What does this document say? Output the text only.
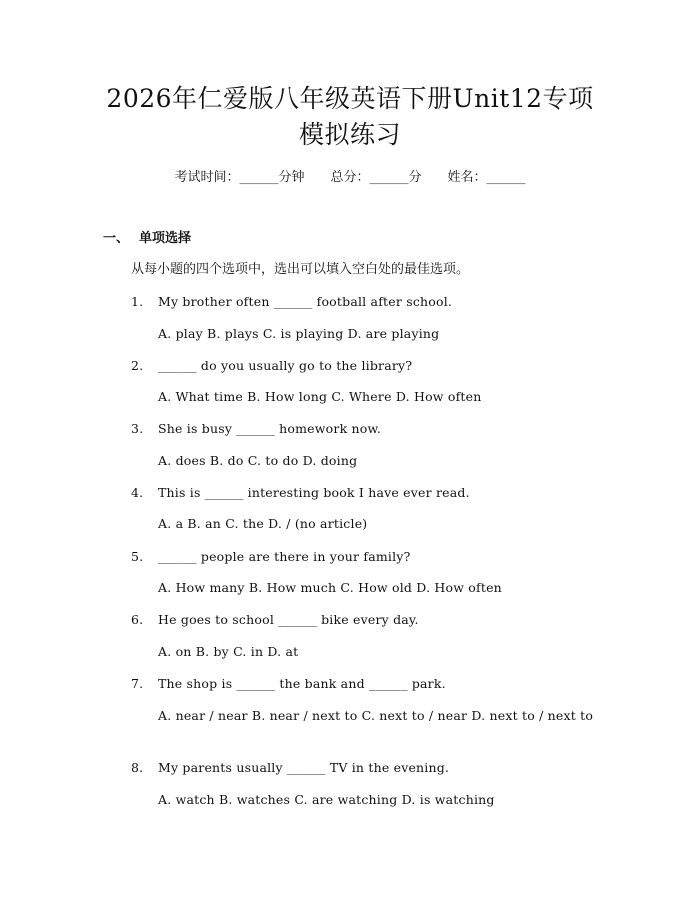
2026年仁爱版八年级英语下册Unit12专项
模拟练习
考试时间：______分钟 总分：______分 姓名：______
一、 单项选择
从每小题的四个选项中，选出可以填入空白处的最佳选项。
1. My brother often ______ football after school.
A. play B. plays C. is playing D. are playing
2. ______ do you usually go to the library?
A. What time B. How long C. Where D. How often
3. She is busy ______ homework now.
A. does B. do C. to do D. doing
4. This is ______ interesting book I have ever read.
A. a B. an C. the D. / (no article)
5. ______ people are there in your family?
A. How many B. How much C. How old D. How often
6. He goes to school ______ bike every day.
A. on B. by C. in D. at
7. The shop is ______ the bank and ______ park.
A. near / near B. near / next to C. next to / near D. next to / next to
8. My parents usually ______ TV in the evening.
A. watch B. watches C. are watching D. is watching
